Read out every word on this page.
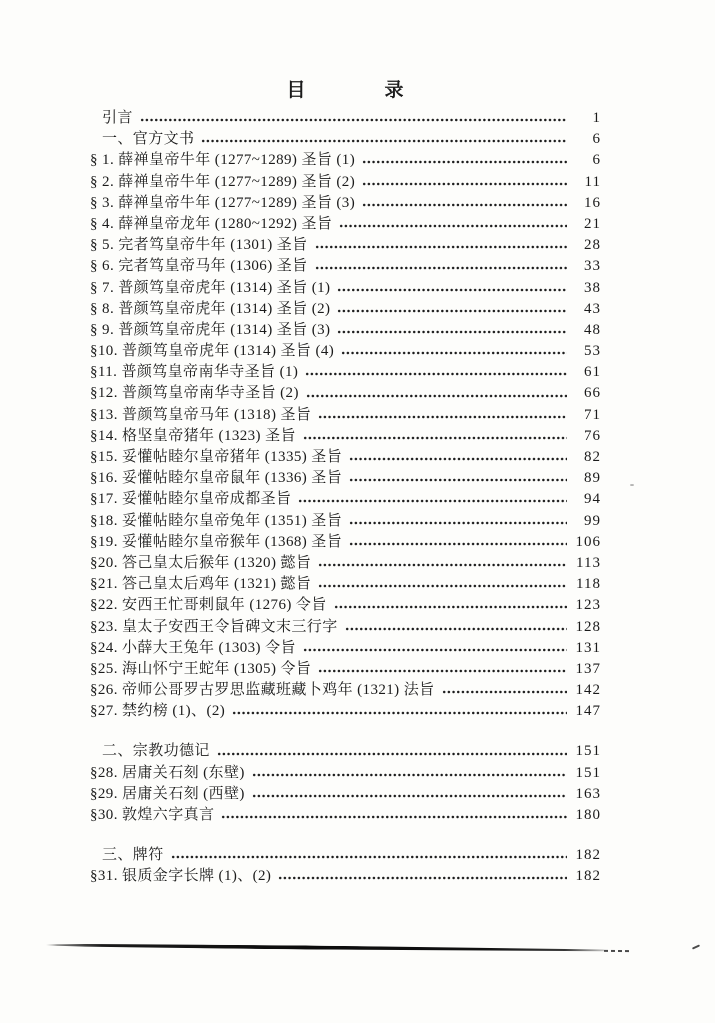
目	录
引言	1
一、官方文书	6
§ 1. 薛禅皇帝牛年 (1277~1289) 圣旨 (1)	6
§ 2. 薛禅皇帝牛年 (1277~1289) 圣旨 (2)	11
§ 3. 薛禅皇帝牛年 (1277~1289) 圣旨 (3)	16
§ 4. 薛禅皇帝龙年 (1280~1292) 圣旨	21
§ 5. 完者笃皇帝牛年 (1301) 圣旨	28
§ 6. 完者笃皇帝马年 (1306) 圣旨	33
§ 7. 普颜笃皇帝虎年 (1314) 圣旨 (1)	38
§ 8. 普颜笃皇帝虎年 (1314) 圣旨 (2)	43
§ 9. 普颜笃皇帝虎年 (1314) 圣旨 (3)	48
§10. 普颜笃皇帝虎年 (1314) 圣旨 (4)	53
§11. 普颜笃皇帝南华寺圣旨 (1)	61
§12. 普颜笃皇帝南华寺圣旨 (2)	66
§13. 普颜笃皇帝马年 (1318) 圣旨	71
§14. 格坚皇帝猪年 (1323) 圣旨	76
§15. 妥懽帖睦尔皇帝猪年 (1335) 圣旨	82
§16. 妥懽帖睦尔皇帝鼠年 (1336) 圣旨	89
§17. 妥懽帖睦尔皇帝成都圣旨	94
§18. 妥懽帖睦尔皇帝兔年 (1351) 圣旨	99
§19. 妥懽帖睦尔皇帝猴年 (1368) 圣旨	106
§20. 答己皇太后猴年 (1320) 懿旨	113
§21. 答己皇太后鸡年 (1321) 懿旨	118
§22. 安西王忙哥剌鼠年 (1276) 令旨	123
§23. 皇太子安西王令旨碑文末三行字	128
§24. 小薛大王兔年 (1303) 令旨	131
§25. 海山怀宁王蛇年 (1305) 令旨	137
§26. 帝师公哥罗古罗思监藏班藏卜鸡年 (1321) 法旨	142
§27. 禁约榜 (1)、(2)	147
二、宗教功德记	151
§28. 居庸关石刻 (东壁)	151
§29. 居庸关石刻 (西壁)	163
§30. 敦煌六字真言	180
三、牌符	182
§31. 银质金字长牌 (1)、(2)	182
